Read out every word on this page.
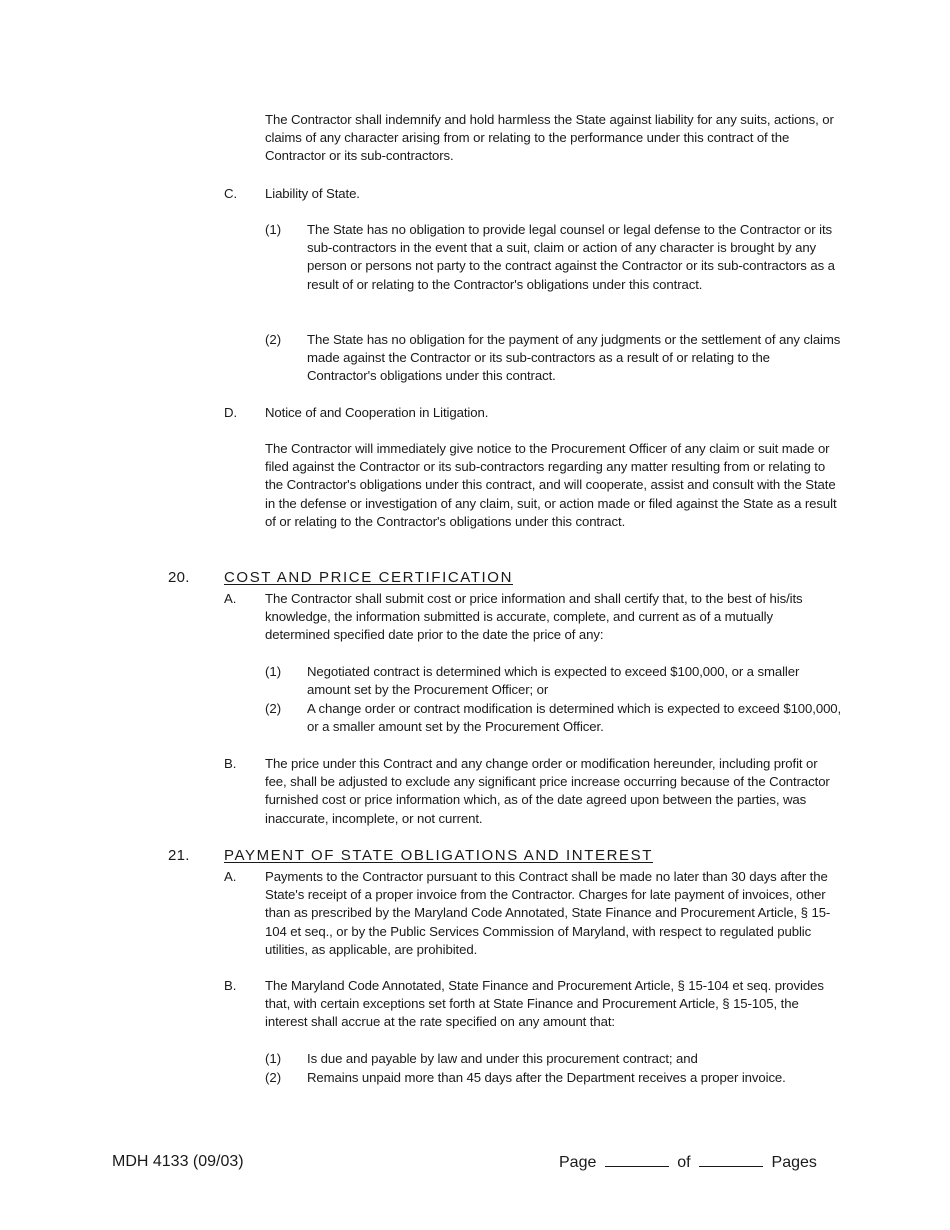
The Contractor shall indemnify and hold harmless the State against liability for any suits, actions, or claims of any character arising from or relating to the performance under this contract of the Contractor or its sub-contractors.
C. Liability of State.
(1) The State has no obligation to provide legal counsel or legal defense to the Contractor or its sub-contractors in the event that a suit, claim or action of any character is brought by any person or persons not party to the contract against the Contractor or its sub-contractors as a result of or relating to the Contractor's obligations under this contract.
(2) The State has no obligation for the payment of any judgments or the settlement of any claims made against the Contractor or its sub-contractors as a result of or relating to the Contractor's obligations under this contract.
D. Notice of and Cooperation in Litigation.
The Contractor will immediately give notice to the Procurement Officer of any claim or suit made or filed against the Contractor or its sub-contractors regarding any matter resulting from or relating to the Contractor's obligations under this contract, and will cooperate, assist and consult with the State in the defense or investigation of any claim, suit, or action made or filed against the State as a result of or relating to the Contractor's obligations under this contract.
20. COST AND PRICE CERTIFICATION
A. The Contractor shall submit cost or price information and shall certify that, to the best of his/its knowledge, the information submitted is accurate, complete, and current as of a mutually determined specified date prior to the date the price of any:
(1) Negotiated contract is determined which is expected to exceed $100,000, or a smaller amount set by the Procurement Officer; or
(2) A change order or contract modification is determined which is expected to exceed $100,000, or a smaller amount set by the Procurement Officer.
B. The price under this Contract and any change order or modification hereunder, including profit or fee, shall be adjusted to exclude any significant price increase occurring because of the Contractor furnished cost or price information which, as of the date agreed upon between the parties, was inaccurate, incomplete, or not current.
21. PAYMENT OF STATE OBLIGATIONS AND INTEREST
A. Payments to the Contractor pursuant to this Contract shall be made no later than 30 days after the State's receipt of a proper invoice from the Contractor. Charges for late payment of invoices, other than as prescribed by the Maryland Code Annotated, State Finance and Procurement Article, § 15-104 et seq., or by the Public Services Commission of Maryland, with respect to regulated public utilities, as applicable, are prohibited.
B. The Maryland Code Annotated, State Finance and Procurement Article, § 15-104 et seq. provides that, with certain exceptions set forth at State Finance and Procurement Article, § 15-105, the interest shall accrue at the rate specified on any amount that:
(1) Is due and payable by law and under this procurement contract; and
(2) Remains unpaid more than 45 days after the Department receives a proper invoice.
MDH 4133 (09/03)	Page	of	Pages
